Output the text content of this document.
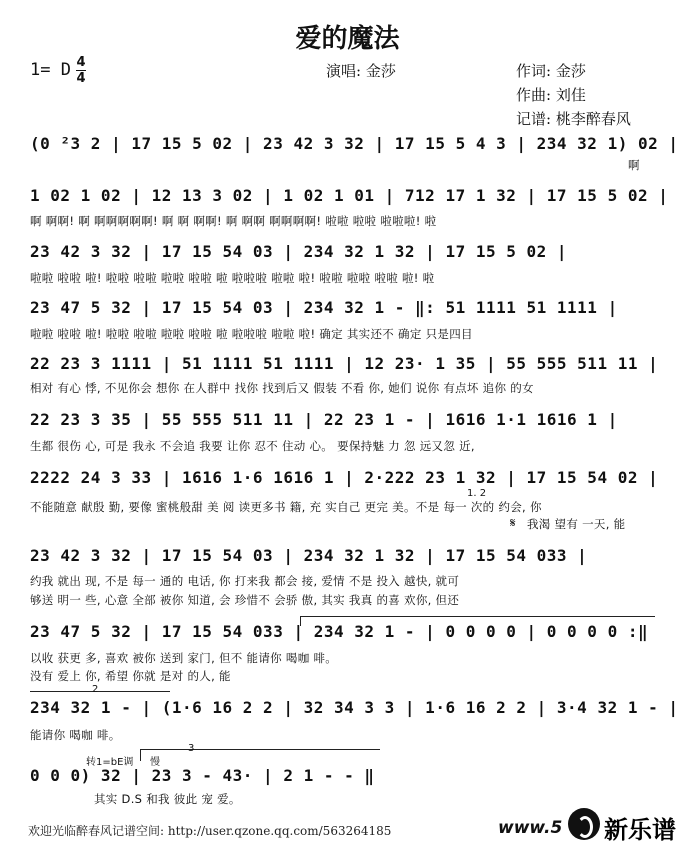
爱的魔法
1= D 4
4	演唱: 金莎	作词: 金莎
作曲: 刘佳
记谱: 桃李醉春风
(0 ²3 2 | 17 15 5 02 | 23 42 3 32 | 17 15 5 4 3 | 234 32 1) 02 |
啊
1 02 1 02 | 12 13 3 02 | 1 02 1 01 | 712 17 1 32 | 17 15 5 02 |
啊 啊啊! 啊 啊啊啊啊啊! 啊 啊 啊啊! 啊 啊啊 啊啊啊啊! 啦啦 啦啦 啦啦啦! 啦
23 42 3 32 | 17 15 54 03 | 234 32 1 32 | 17 15 5 02 |
啦啦 啦啦 啦! 啦啦 啦啦 啦啦 啦啦 啦 啦啦啦 啦啦 啦! 啦啦 啦啦 啦啦 啦! 啦
23 47 5 32 | 17 15 54 03 | 234 32 1 - ‖: 51 1111 51 1111 |
啦啦 啦啦 啦! 啦啦 啦啦 啦啦 啦啦 啦 啦啦啦 啦啦 啦! 确定 其实还不 确定 只是四目
22 23 3 1111 | 51 1111 51 1111 | 12 23· 1 35 | 55 555 511 11 |
相对 有心 悸, 不见你会 想你 在人群中 找你 找到后又 假装 不看 你, 她们 说你 有点坏 追你 的女
22 23 3 35 | 55 555 511 11 | 22 23 1 - | 1616 1·1 1616 1 |
生都 很伤 心, 可是 我永 不会追 我要 让你 忍不 住动 心。 要保持魅 力 忽 远又忽 近,
2222 24 3 33 | 1616 1·6 1616 1 | 2·222 23 1 32 | 17 15 54 02 |
不能随意 献殷 勤, 要像 蜜桃般甜 美 阅 读更多书 籍, 充 实自己 更完 美。不是 每一 次的 约会, 你
1. 2
𝄋 我渴 望有 一天, 能
23 42 3 32 | 17 15 54 03 | 234 32 1 32 | 17 15 54 033 |
约我 就出 现, 不是 每一 通的 电话, 你 打来我 都会 接, 爱情 不是 投入 越快, 就可
够送 明一 些, 心意 全部 被你 知道, 会 珍惜不 会骄 傲, 其实 我真 的喜 欢你, 但还
23 47 5 32 | 17 15 54 033 | 234 32 1 - | 0 0 0 0 | 0 0 0 0 :‖
以收 获更 多, 喜欢 被你 送到 家门, 但不 能请你 喝咖 啡。
没有 爱上 你, 希望 你就 是对 的人, 能
2
234 32 1 - | (1·6 16 2 2 | 32 34 3 3 | 1·6 16 2 2 | 3·4 32 1 - |
能请你 喝咖 啡。
转1=bE调 慢
3
0 0 0) 32 | 23 3 - 43· | 2 1 - - ‖
其实 D.S 和我 彼此 宠 爱。
欢迎光临醉春风记谱空间: http://user.qzone.qq.com/563264185	www.5 新乐谱
